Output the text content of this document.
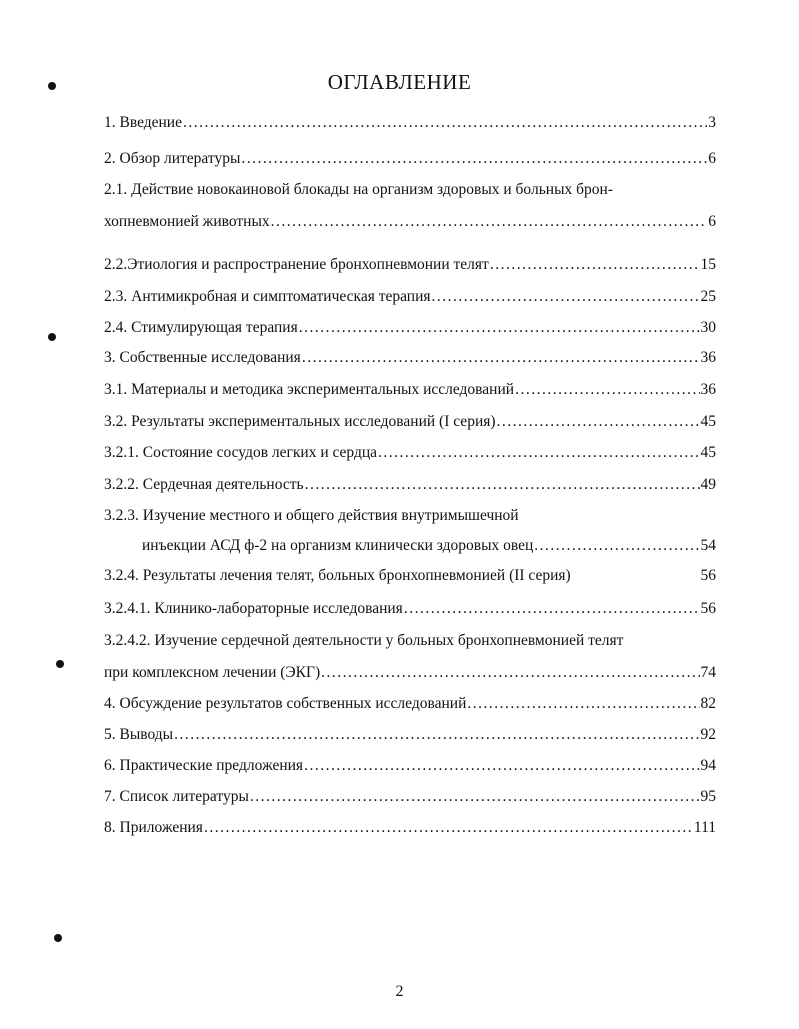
ОГЛАВЛЕНИЕ
1. Введение .....	3
2. Обзор литературы .....	6
2.1. Действие новокаиновой блокады на организм здоровых и больных брон-
хопневмонией животных .....	6
2.2.Этиология и распространение бронхопневмонии телят .....	15
2.3. Антимикробная и симптоматическая терапия .....	25
2.4. Стимулирующая терапия .....	30
3. Собственные исследования .....	36
3.1. Материалы и методика экспериментальных исследований .....	36
3.2. Результаты экспериментальных исследований (I серия) .....	45
3.2.1. Состояние сосудов легких и сердца .....	45
3.2.2. Сердечная деятельность .....	49
3.2.3. Изучение местного и общего действия внутримышечной
инъекции АСД ф-2 на организм клинически здоровых овец .....	54
3.2.4. Результаты лечения телят, больных бронхопневмонией (II серия)	56
3.2.4.1. Клинико-лабораторные исследования .....	56
3.2.4.2. Изучение сердечной деятельности у больных бронхопневмонией телят
при комплексном лечении (ЭКГ) .....	74
4. Обсуждение результатов собственных исследований .....	82
5. Выводы .....	92
6. Практические предложения .....	94
7. Список литературы .....	95
8. Приложения .....	111
2
